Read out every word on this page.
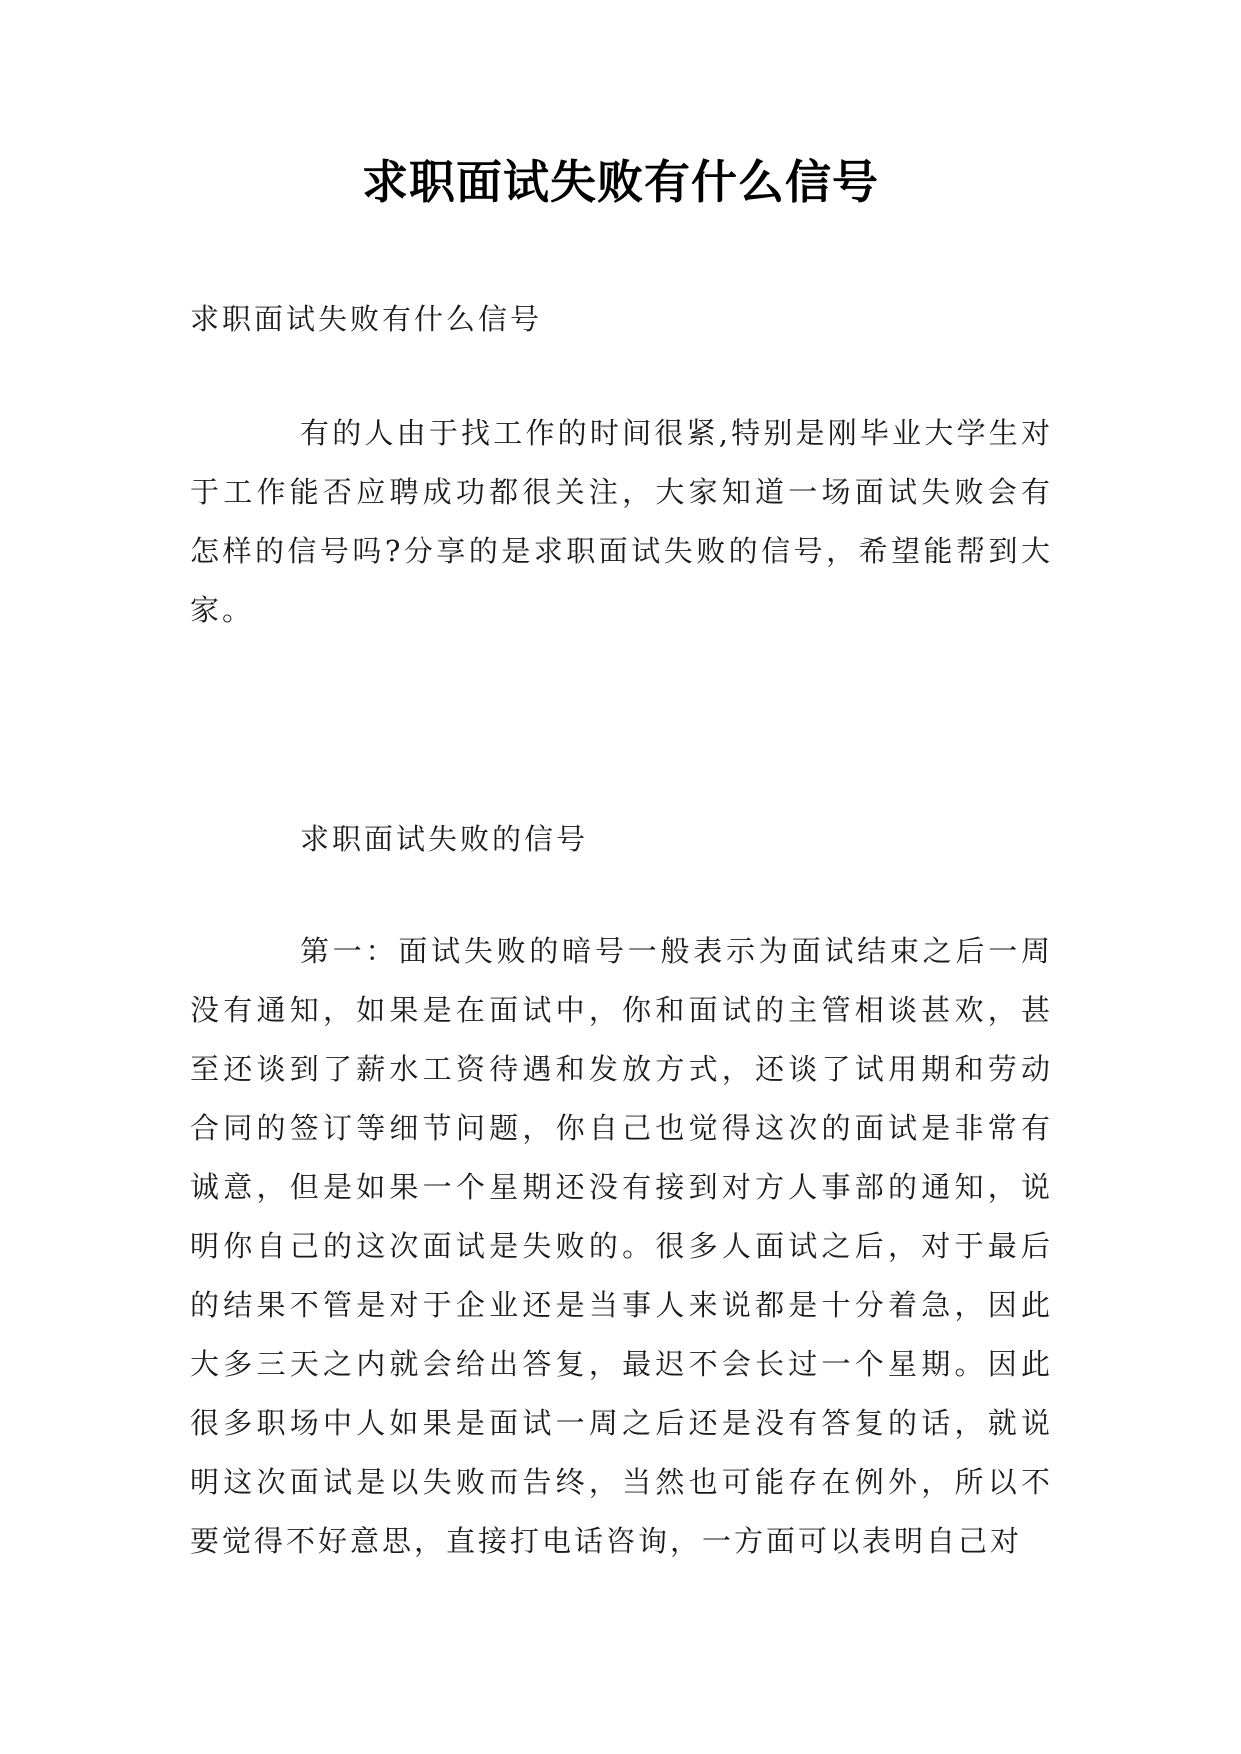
求职面试失败有什么信号

求职面试失败有什么信号

有的人由于找工作的时间很紧,特别是刚毕业大学生对于工作能否应聘成功都很关注，大家知道一场面试失败会有怎样的信号吗?分享的是求职面试失败的信号，希望能帮到大家。

求职面试失败的信号

第一：面试失败的暗号一般表示为面试结束之后一周没有通知，如果是在面试中，你和面试的主管相谈甚欢，甚至还谈到了薪水工资待遇和发放方式，还谈了试用期和劳动合同的签订等细节问题，你自己也觉得这次的面试是非常有诚意，但是如果一个星期还没有接到对方人事部的通知，说明你自己的这次面试是失败的。很多人面试之后，对于最后的结果不管是对于企业还是当事人来说都是十分着急，因此大多三天之内就会给出答复，最迟不会长过一个星期。因此很多职场中人如果是面试一周之后还是没有答复的话，就说明这次面试是以失败而告终，当然也可能存在例外，所以不要觉得不好意思，直接打电话咨询，一方面可以表明自己对
